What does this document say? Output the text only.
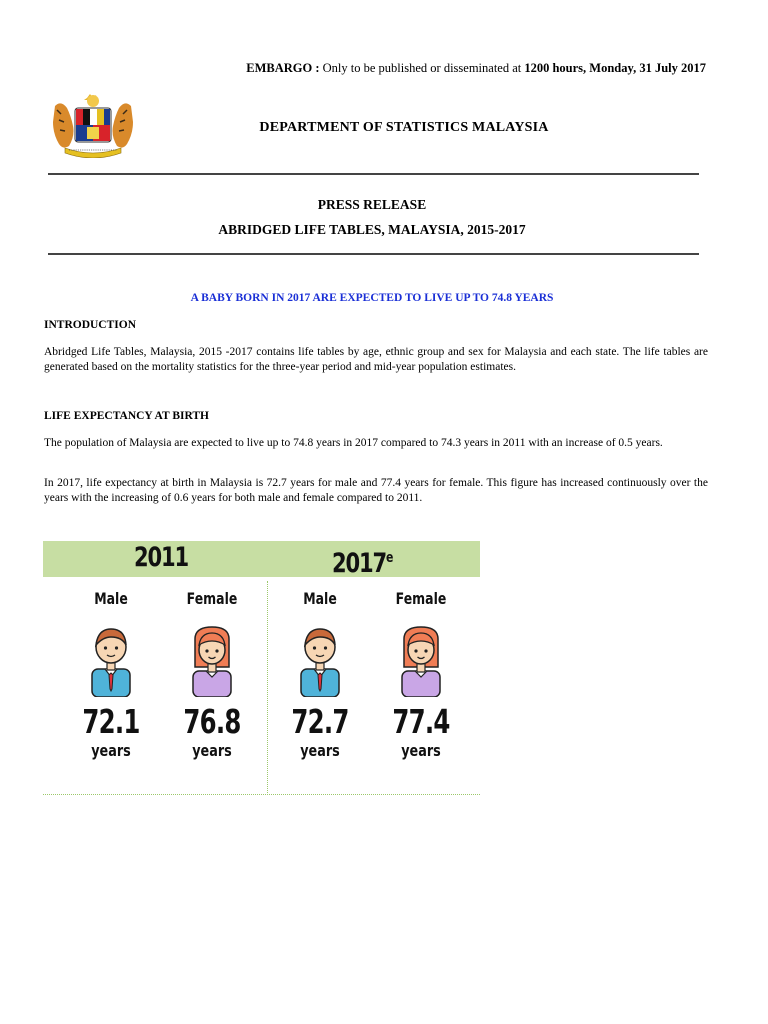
EMBARGO : Only to be published or disseminated at 1200 hours, Monday, 31 July 2017
DEPARTMENT OF STATISTICS MALAYSIA
PRESS RELEASE
ABRIDGED LIFE TABLES, MALAYSIA, 2015-2017
A BABY BORN IN 2017 ARE EXPECTED TO LIVE UP TO 74.8 YEARS
INTRODUCTION
Abridged Life Tables, Malaysia, 2015 -2017 contains life tables by age, ethnic group and sex for Malaysia and each state. The life tables are generated based on the mortality statistics for the three-year period and mid-year population estimates.
LIFE EXPECTANCY AT BIRTH
The population of Malaysia are expected to live up to 74.8 years in 2017 compared to 74.3 years in 2011 with an increase of 0.5 years.
In 2017, life expectancy at birth in Malaysia is 72.7 years for male and 77.4 years for female. This figure has increased continuously over the years with the increasing of 0.6 years for both male and female compared to 2011.
2011	2017e
Male
72.1
years
Female
76.8
years
Male
72.7
years
Female
77.4
years
